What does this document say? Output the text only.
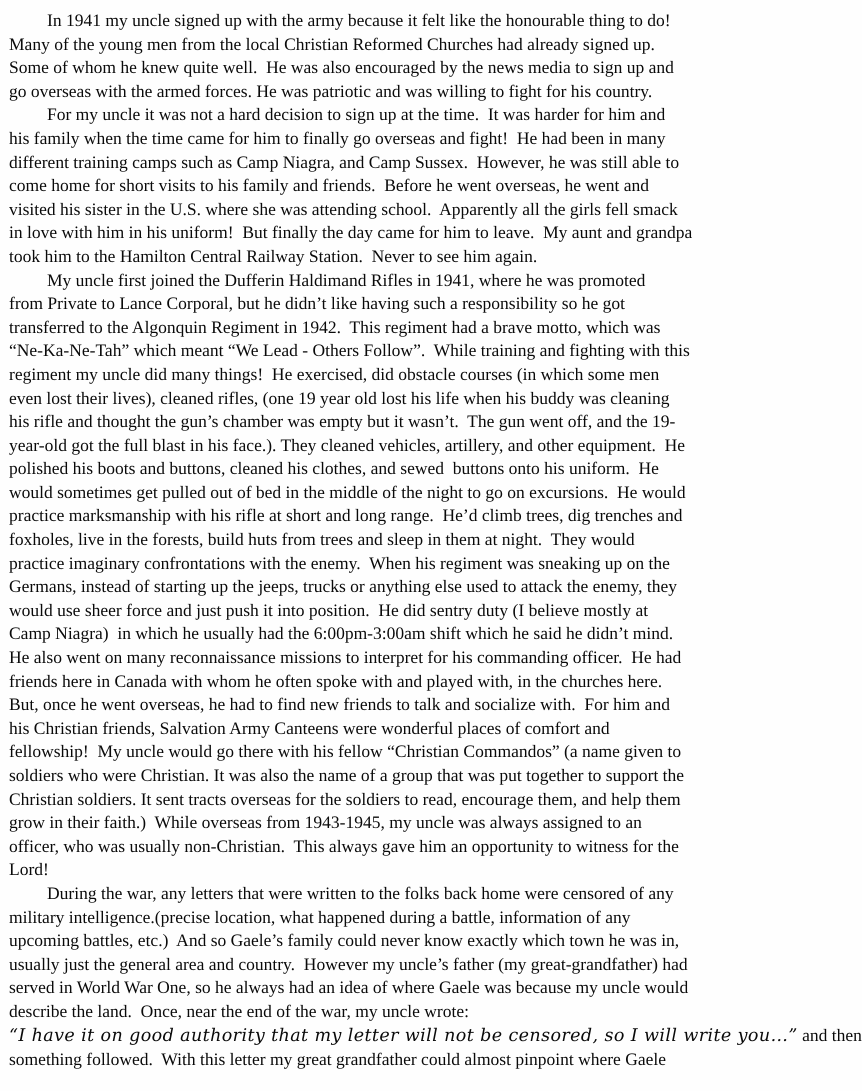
In 1941 my uncle signed up with the army because it felt like the honourable thing to do!
Many of the young men from the local Christian Reformed Churches had already signed up.
Some of whom he knew quite well.  He was also encouraged by the news media to sign up and
go overseas with the armed forces. He was patriotic and was willing to fight for his country.
For my uncle it was not a hard decision to sign up at the time.  It was harder for him and
his family when the time came for him to finally go overseas and fight!  He had been in many
different training camps such as Camp Niagra, and Camp Sussex.  However, he was still able to
come home for short visits to his family and friends.  Before he went overseas, he went and
visited his sister in the U.S. where she was attending school.  Apparently all the girls fell smack
in love with him in his uniform!  But finally the day came for him to leave.  My aunt and grandpa
took him to the Hamilton Central Railway Station.  Never to see him again.
My uncle first joined the Dufferin Haldimand Rifles in 1941, where he was promoted
from Private to Lance Corporal, but he didn’t like having such a responsibility so he got
transferred to the Algonquin Regiment in 1942.  This regiment had a brave motto, which was
“Ne-Ka-Ne-Tah” which meant “We Lead - Others Follow”.  While training and fighting with this
regiment my uncle did many things!  He exercised, did obstacle courses (in which some men
even lost their lives), cleaned rifles, (one 19 year old lost his life when his buddy was cleaning
his rifle and thought the gun’s chamber was empty but it wasn’t.  The gun went off, and the 19-
year-old got the full blast in his face.). They cleaned vehicles, artillery, and other equipment.  He
polished his boots and buttons, cleaned his clothes, and sewed  buttons onto his uniform.  He
would sometimes get pulled out of bed in the middle of the night to go on excursions.  He would
practice marksmanship with his rifle at short and long range.  He’d climb trees, dig trenches and
foxholes, live in the forests, build huts from trees and sleep in them at night.  They would
practice imaginary confrontations with the enemy.  When his regiment was sneaking up on the
Germans, instead of starting up the jeeps, trucks or anything else used to attack the enemy, they
would use sheer force and just push it into position.  He did sentry duty (I believe mostly at
Camp Niagra)  in which he usually had the 6:00pm-3:00am shift which he said he didn’t mind.
He also went on many reconnaissance missions to interpret for his commanding officer.  He had
friends here in Canada with whom he often spoke with and played with, in the churches here.
But, once he went overseas, he had to find new friends to talk and socialize with.  For him and
his Christian friends, Salvation Army Canteens were wonderful places of comfort and
fellowship!  My uncle would go there with his fellow “Christian Commandos” (a name given to
soldiers who were Christian. It was also the name of a group that was put together to support the
Christian soldiers. It sent tracts overseas for the soldiers to read, encourage them, and help them
grow in their faith.)  While overseas from 1943-1945, my uncle was always assigned to an
officer, who was usually non-Christian.  This always gave him an opportunity to witness for the
Lord!
During the war, any letters that were written to the folks back home were censored of any
military intelligence.(precise location, what happened during a battle, information of any
upcoming battles, etc.)  And so Gaele’s family could never know exactly which town he was in,
usually just the general area and country.  However my uncle’s father (my great-grandfather) had
served in World War One, so he always had an idea of where Gaele was because my uncle would
describe the land.  Once, near the end of the war, my uncle wrote:
“I have it on good authority that my letter will not be censored, so I will write you…” and then
something followed.  With this letter my great grandfather could almost pinpoint where Gaele
